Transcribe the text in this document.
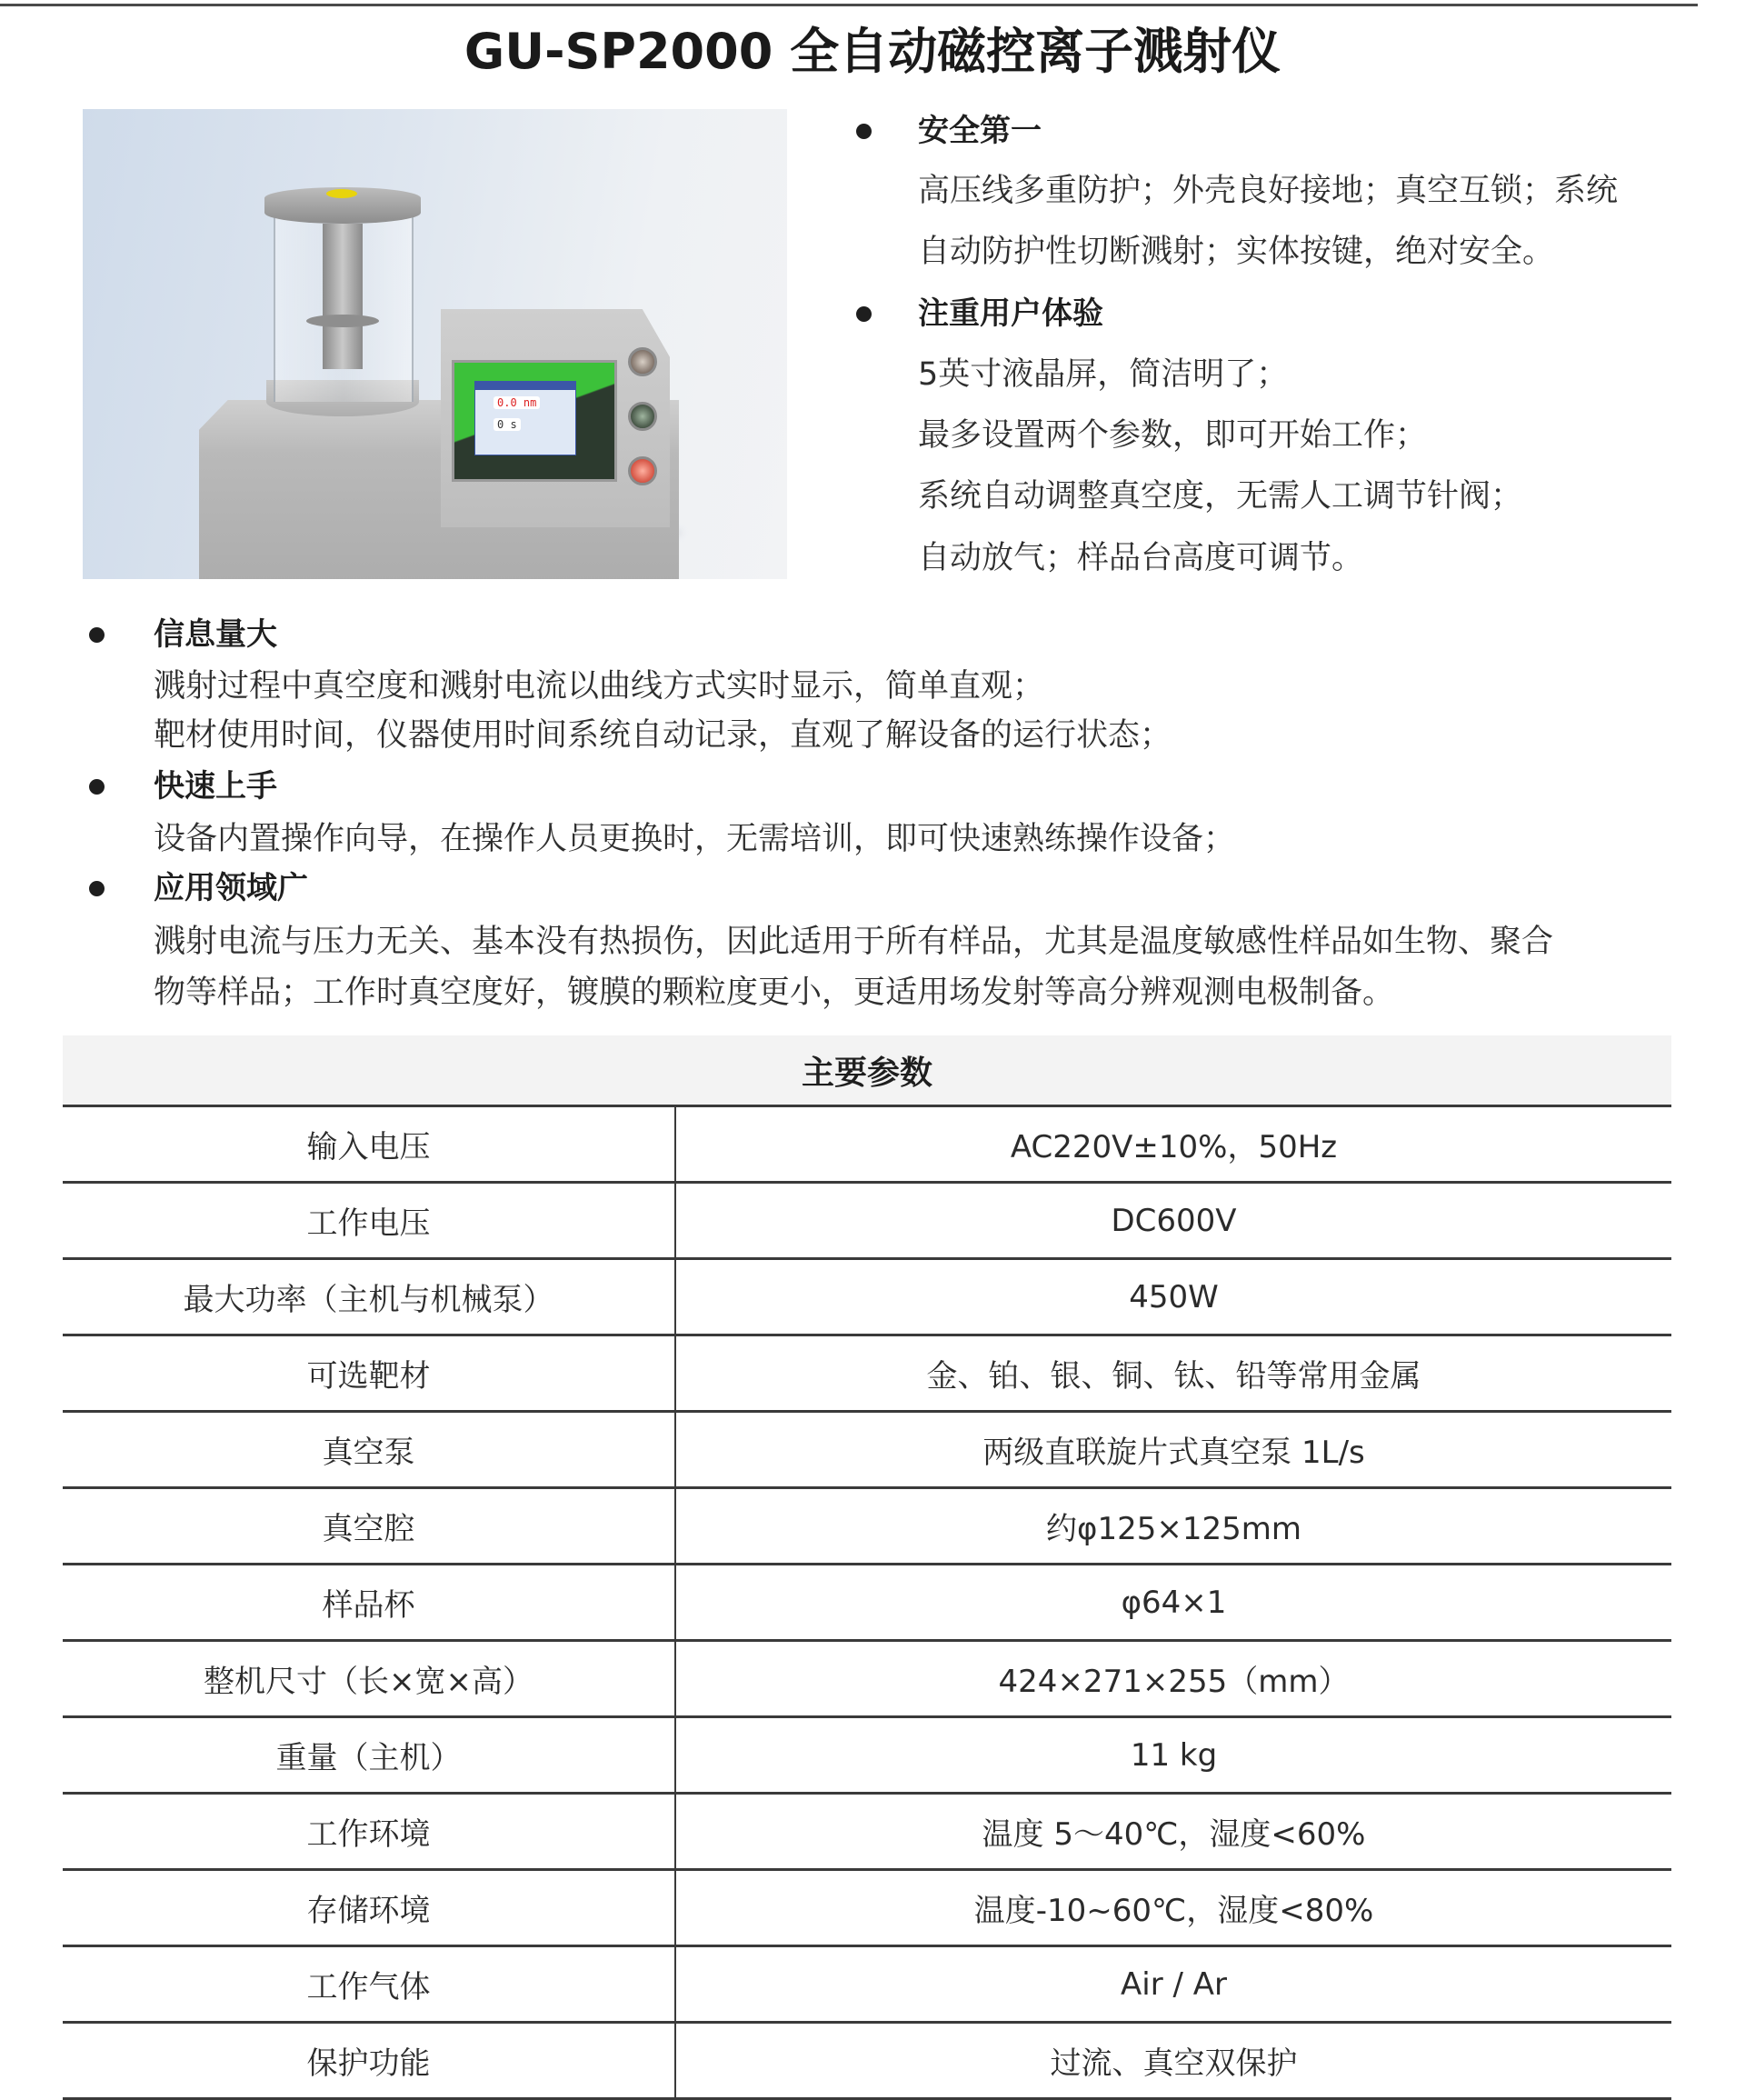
GU-SP2000 全自动磁控离子溅射仪
0.0 nm
0 s
安全第一
高压线多重防护；外壳良好接地；真空互锁；系统
自动防护性切断溅射；实体按键，绝对安全。
注重用户体验
5英寸液晶屏，简洁明了；
最多设置两个参数，即可开始工作；
系统自动调整真空度，无需人工调节针阀；
自动放气；样品台高度可调节。
信息量大
溅射过程中真空度和溅射电流以曲线方式实时显示，简单直观；
靶材使用时间，仪器使用时间系统自动记录，直观了解设备的运行状态；
快速上手
设备内置操作向导，在操作人员更换时，无需培训，即可快速熟练操作设备；
应用领域广
溅射电流与压力无关、基本没有热损伤，因此适用于所有样品，尤其是温度敏感性样品如生物、聚合
物等样品；工作时真空度好，镀膜的颗粒度更小，更适用场发射等高分辨观测电极制备。
主要参数
输入电压	AC220V±10%，50Hz
工作电压	DC600V
最大功率（主机与机械泵）	450W
可选靶材	金、铂、银、铜、钛、铅等常用金属
真空泵	两级直联旋片式真空泵 1L/s
真空腔	约φ125×125mm
样品杯	φ64×1
整机尺寸（长×宽×高）	424×271×255（mm）
重量（主机）	11 kg
工作环境	温度 5～40℃，湿度<60%
存储环境	温度-10~60℃，湿度<80%
工作气体	Air / Ar
保护功能	过流、真空双保护
